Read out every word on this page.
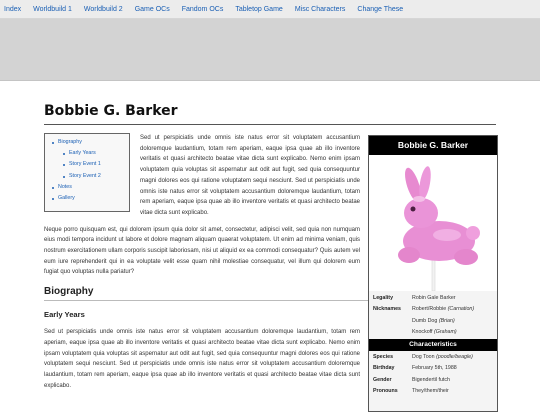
Index Worldbuild 1 Worldbuild 2 Game OCs Fandom OCs Tabletop Game Misc Characters Change These
Bobbie G. Barker
Biography
Early Years
Story Event 1
Story Event 2
Notes
Gallery

Sed ut perspiciatis unde omnis iste natus error sit voluptatem accusantium doloremque laudantium, totam rem aperiam, eaque ipsa quae ab illo inventore veritatis et quasi architecto beatae vitae dicta sunt explicabo. Nemo enim ipsam voluptatem quia voluptas sit aspernatur aut odit aut fugit, sed quia consequuntur magni dolores eos qui ratione voluptatem sequi nesciunt. Sed ut perspiciatis unde omnis iste natus error sit voluptatem accusantium doloremque laudantium, totam rem aperiam, eaque ipsa quae ab illo inventore veritatis et quasi architecto beatae vitae dicta sunt explicabo.

Neque porro quisquam est, qui dolorem ipsum quia dolor sit amet, consectetur, adipisci velit, sed quia non numquam eius modi tempora incidunt ut labore et dolore magnam aliquam quaerat voluptatem. Ut enim ad minima veniam, quis nostrum exercitationem ullam corporis suscipit laboriosam, nisi ut aliquid ex ea commodi consequatur? Quis autem vel eum iure reprehenderit qui in ea voluptate velit esse quam nihil molestiae consequatur, vel illum qui dolorem eum fugiat quo voluptas nulla pariatur?

Biography
Early Years

Sed ut perspiciatis unde omnis iste natus error sit voluptatem accusantium doloremque laudantium, totam rem aperiam, eaque ipsa quae ab illo inventore veritatis et quasi architecto beatae vitae dicta sunt explicabo. Nemo enim ipsam voluptatem quia voluptas sit aspernatur aut odit aut fugit, sed quia consequuntur magni dolores eos qui ratione voluptatem sequi nesciunt. Sed ut perspiciatis unde omnis iste natus error sit voluptatem accusantium doloremque laudantium, totam rem aperiam, eaque ipsa quae ab illo inventore veritatis et quasi architecto beatae vitae dicta sunt explicabo.

Bobbie G. Barker
Legality	Robin Gale Barker
Nicknames	Robert/Robbie (Carnation)
Dumb Dog (Brian)
Knockoff (Graham)
Characteristics
Species	Dog Toon (poodle/beagle)
Birthday	February 5th, 1988
Gender	Bigendertil futch
Pronouns	They/them/their
